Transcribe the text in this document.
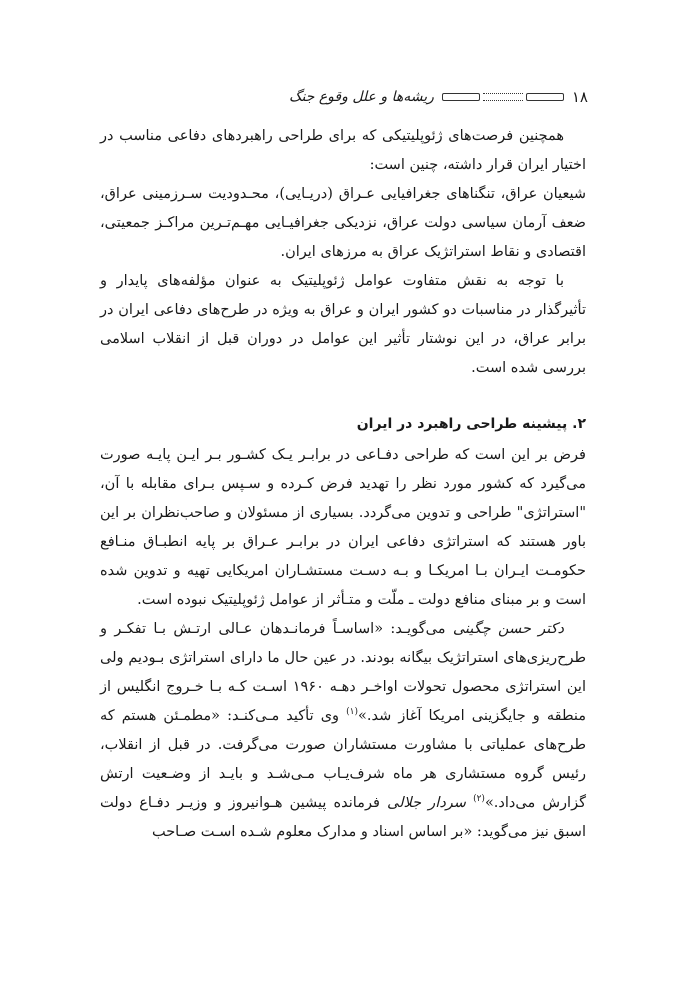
۱۸
ریشه‌ها و علل وقوع جنگ

همچنین فرصت‌های ژئوپلیتیکی که برای طراحی راهبردهای دفاعی مناسب در اختیار ایران قرار داشته، چنین است:

شیعیان عراق، تنگناهای جغرافیایی عـراق (دریـایی)، محـدودیت سـرزمینی عراق، ضعف آرمان سیاسی دولت عراق، نزدیکی جغرافیـایی مهـم‌تـرین مراکـز جمعیتی، اقتصادی و نقاط استراتژیک عراق به مرزهای ایران.

با توجه به نقش متفاوت عوامل ژئوپلیتیک به عنوان مؤلفه‌های پایدار و تأثیرگذار در مناسبات دو کشور ایران و عراق به ویژه در طرح‌های دفاعی ایران در برابر عراق، در این نوشتار تأثیر این عوامل در دوران قبل از انقلاب اسلامی بررسی شده است.

۲. پیشینه طراحی راهبرد در ایران

فرض بر این است که طراحی دفـاعی در برابـر یـک کشـور بـر ایـن پایـه صورت می‌گیرد که کشور مورد نظر را تهدید فرض کـرده و سـپس بـرای مقابله با آن، "استراتژی" طراحی و تدوین می‌گردد. بسیاری از مسئولان و صاحب‌نظران بر این باور هستند که استراتژی دفاعی ایران در برابـر عـراق بر پایه انطبـاق منـافع حکومـت ایـران بـا امریکـا و بـه دسـت مستشـاران امریکایی تهیه و تدوین شده است و بر مبنای منافع دولت ـ ملّت و متـأثر از عوامل ژئوپلیتیک نبوده است.

دکتر حسن چگینی می‌گویـد: «اساسـاً فرمانـدهان عـالی ارتـش بـا تفکـر و طرح‌ریزی‌های استراتژیک بیگانه بودند. در عین حال ما دارای استراتژی بـودیم ولی این استراتژی محصول تحولات اواخـر دهـه ۱۹۶۰ اسـت کـه بـا خـروج انگلیس از منطقه و جایگزینی امریکا آغاز شد.»$^{(۱)}$ وی تأکید مـی‌کنـد: «مطمـئن هستم که طرح‌های عملیاتی با مشاورت مستشاران صورت می‌گرفت. در قبل از انقلاب، رئیس گروه مستشاری هر ماه شرف‌یـاب مـی‌شـد و بایـد از وضـعیت ارتش گزارش می‌داد.»$^{(۲)}$ سردار جلالی فرمانده پیشین هـوانیروز و وزیـر دفـاع دولت اسبق نیز می‌گوید: «بر اساس اسناد و مدارک معلوم شـده اسـت صـاحب
